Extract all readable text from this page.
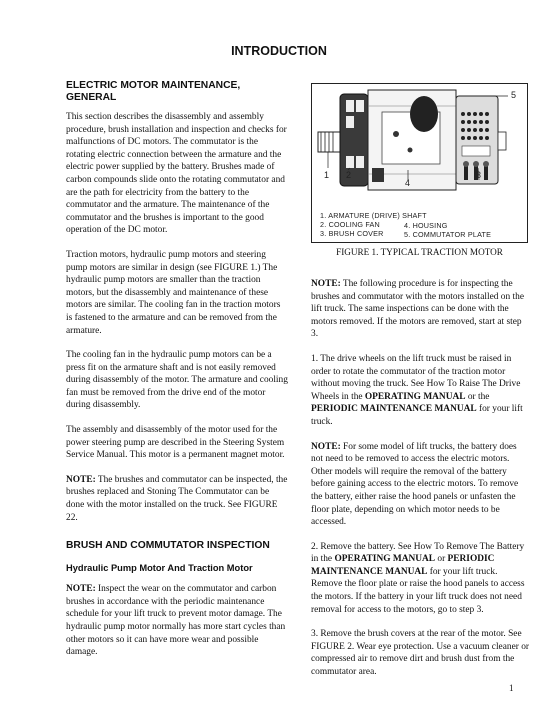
INTRODUCTION
ELECTRIC MOTOR MAINTENANCE, GENERAL

This section describes the disassembly and assembly procedure, brush installation and inspection and checks for malfunctions of DC motors. The commutator is the rotating electric connection between the armature and the electric power supplied by the battery. Brushes made of carbon compounds slide onto the rotating commutator and are the path for electricity from the battery to the commutator and the armature. The maintenance of the commutator and the brushes is important to the good operation of the DC motor.

Traction motors, hydraulic pump motors and steering pump motors are similar in design (see FIGURE 1.) The hydraulic pump motors are smaller than the traction motors, but the disassembly and maintenance of these motors are similar. The cooling fan in the traction motors is fastened to the armature and can be removed from the armature.

The cooling fan in the hydraulic pump motors can be a press fit on the armature shaft and is not easily removed during disassembly of the motor. The armature and cooling fan must be removed from the drive end of the motor during disassembly.

The assembly and disassembly of the motor used for the power steering pump are described in the Steering System Service Manual. This motor is a permanent magnet motor.

NOTE: The brushes and commutator can be inspected, the brushes replaced and Stoning The Commutator can be done with the motor installed on the truck. See FIGURE 22.

BRUSH AND COMMUTATOR INSPECTION
Hydraulic Pump Motor And Traction Motor

NOTE: Inspect the wear on the commutator and carbon brushes in accordance with the periodic maintenance schedule for your lift truck to prevent motor damage. The hydraulic pump motor normally has more start cycles than other motors so it can have more wear and possible damage.

1 2	3
4
5
1. ARMATURE (DRIVE) SHAFT
2. COOLING FAN	4. HOUSING
3. BRUSH COVER	5. COMMUTATOR PLATE
FIGURE 1. TYPICAL TRACTION MOTOR

NOTE: The following procedure is for inspecting the brushes and commutator with the motors installed on the lift truck. The same inspections can be done with the motors removed. If the motors are removed, start at step 3.

1. The drive wheels on the lift truck must be raised in order to rotate the commutator of the traction motor without moving the truck. See How To Raise The Drive Wheels in the OPERATING MANUAL or the PERIODIC MAINTENANCE MANUAL for your lift truck.

NOTE: For some model of lift trucks, the battery does not need to be removed to access the electric motors. Other models will require the removal of the battery before gaining access to the electric motors. To remove the battery, either raise the hood panels or unfasten the floor plate, depending on which motor needs to be accessed.

2. Remove the battery. See How To Remove The Battery in the OPERATING MANUAL or PERIODIC MAINTENANCE MANUAL for your lift truck. Remove the floor plate or raise the hood panels to access the motors. If the battery in your lift truck does not need removal for access to the motors, go to step 3.

3. Remove the brush covers at the rear of the motor. See FIGURE 2. Wear eye protection. Use a vacuum cleaner or compressed air to remove dirt and brush dust from the commutator area.

1
